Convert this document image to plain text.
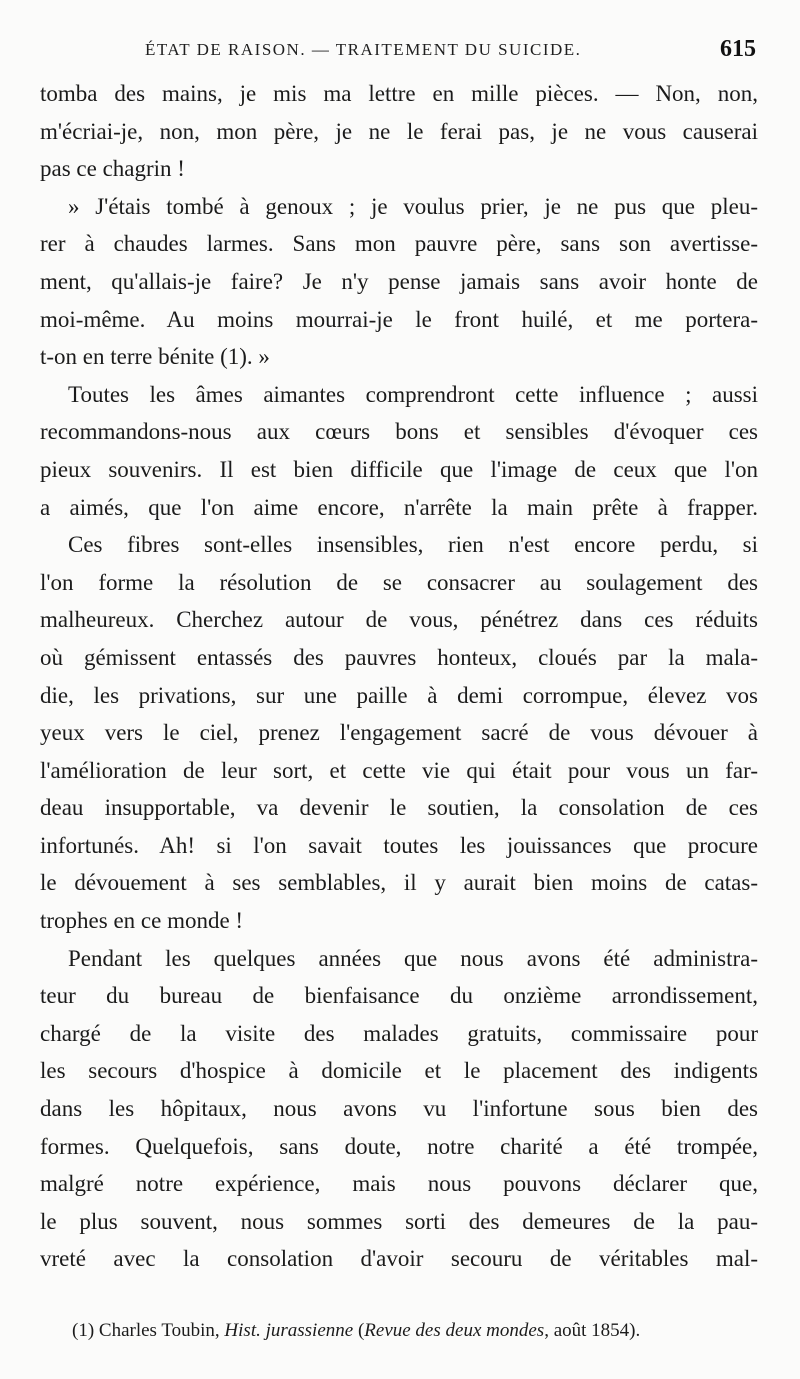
ÉTAT DE RAISON. — TRAITEMENT DU SUICIDE.	615
tomba des mains, je mis ma lettre en mille pièces. — Non, non,
m'écriai-je, non, mon père, je ne le ferai pas, je ne vous causerai
pas ce chagrin !
» J'étais tombé à genoux ; je voulus prier, je ne pus que pleu-
rer à chaudes larmes. Sans mon pauvre père, sans son avertisse-
ment, qu'allais-je faire? Je n'y pense jamais sans avoir honte de
moi-même. Au moins mourrai-je le front huilé, et me portera-
t-on en terre bénite (1). »
Toutes les âmes aimantes comprendront cette influence ; aussi
recommandons-nous aux cœurs bons et sensibles d'évoquer ces
pieux souvenirs. Il est bien difficile que l'image de ceux que l'on
a aimés, que l'on aime encore, n'arrête la main prête à frapper.
Ces fibres sont-elles insensibles, rien n'est encore perdu, si
l'on forme la résolution de se consacrer au soulagement des
malheureux. Cherchez autour de vous, pénétrez dans ces réduits
où gémissent entassés des pauvres honteux, cloués par la mala-
die, les privations, sur une paille à demi corrompue, élevez vos
yeux vers le ciel, prenez l'engagement sacré de vous dévouer à
l'amélioration de leur sort, et cette vie qui était pour vous un far-
deau insupportable, va devenir le soutien, la consolation de ces
infortunés. Ah! si l'on savait toutes les jouissances que procure
le dévouement à ses semblables, il y aurait bien moins de catas-
trophes en ce monde !
Pendant les quelques années que nous avons été administra-
teur du bureau de bienfaisance du onzième arrondissement,
chargé de la visite des malades gratuits, commissaire pour
les secours d'hospice à domicile et le placement des indigents
dans les hôpitaux, nous avons vu l'infortune sous bien des
formes. Quelquefois, sans doute, notre charité a été trompée,
malgré notre expérience, mais nous pouvons déclarer que,
le plus souvent, nous sommes sorti des demeures de la pau-
vreté avec la consolation d'avoir secouru de véritables mal-
(1) Charles Toubin, Hist. jurassienne (Revue des deux mondes, août 1854).
